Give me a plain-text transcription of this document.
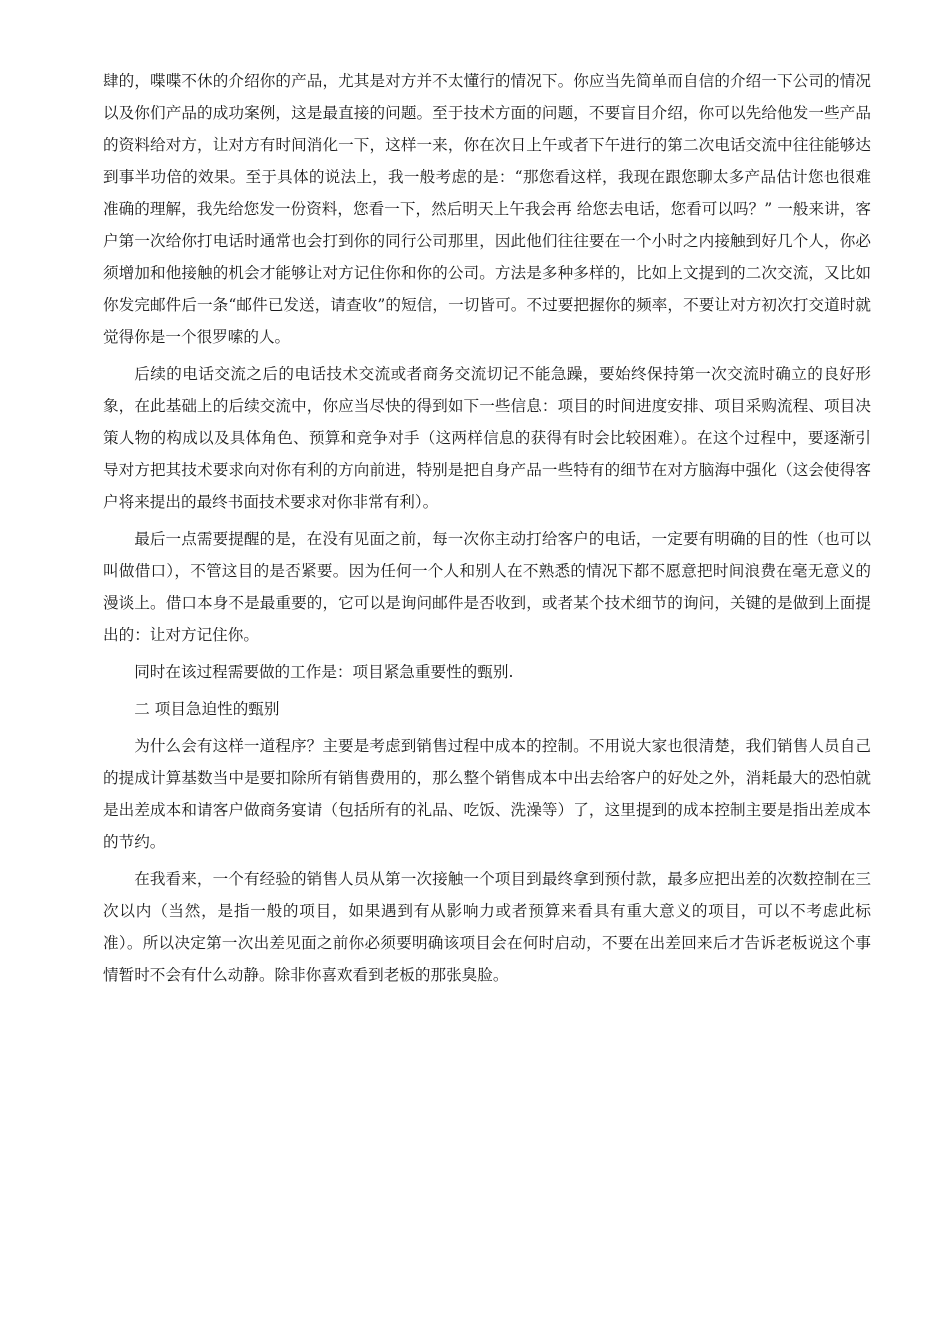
肆的，喋喋不休的介绍你的产品，尤其是对方并不太懂行的情况下。你应当先简单而自信的介绍一下公司的情况以及你们产品的成功案例，这是最直接的问题。至于技术方面的问题，不要盲目介绍，你可以先给他发一些产品的资料给对方，让对方有时间消化一下，这样一来，你在次日上午或者下午进行的第二次电话交流中往往能够达到事半功倍的效果。至于具体的说法上，我一般考虑的是：“那您看这样，我现在跟您聊太多产品估计您也很难准确的理解，我先给您发一份资料，您看一下，然后明天上午我会再 给您去电话，您看可以吗？” 一般来讲，客户第一次给你打电话时通常也会打到你的同行公司那里，因此他们往往要在一个小时之内接触到好几个人，你必须增加和他接触的机会才能够让对方记住你和你的公司。方法是多种多样的，比如上文提到的二次交流，又比如你发完邮件后一条“邮件已发送，请查收”的短信，一切皆可。不过要把握你的频率，不要让对方初次打交道时就觉得你是一个很罗嗦的人。

后续的电话交流之后的电话技术交流或者商务交流切记不能急躁，要始终保持第一次交流时确立的良好形象，在此基础上的后续交流中，你应当尽快的得到如下一些信息：项目的时间进度安排、项目采购流程、项目决策人物的构成以及具体角色、预算和竞争对手（这两样信息的获得有时会比较困难）。在这个过程中，要逐渐引导对方把其技术要求向对你有利的方向前进，特别是把自身产品一些特有的细节在对方脑海中强化（这会使得客户将来提出的最终书面技术要求对你非常有利）。

最后一点需要提醒的是，在没有见面之前，每一次你主动打给客户的电话，一定要有明确的目的性（也可以叫做借口），不管这目的是否紧要。因为任何一个人和别人在不熟悉的情况下都不愿意把时间浪费在毫无意义的漫谈上。借口本身不是最重要的，它可以是询问邮件是否收到，或者某个技术细节的询问，关键的是做到上面提出的：让对方记住你。

同时在该过程需要做的工作是：项目紧急重要性的甄别.

二 项目急迫性的甄别

为什么会有这样一道程序？主要是考虑到销售过程中成本的控制。不用说大家也很清楚，我们销售人员自己的提成计算基数当中是要扣除所有销售费用的，那么整个销售成本中出去给客户的好处之外，消耗最大的恐怕就是出差成本和请客户做商务宴请（包括所有的礼品、吃饭、洗澡等）了，这里提到的成本控制主要是指出差成本的节约。

在我看来，一个有经验的销售人员从第一次接触一个项目到最终拿到预付款，最多应把出差的次数控制在三次以内（当然，是指一般的项目，如果遇到有从影响力或者预算来看具有重大意义的项目，可以不考虑此标准）。所以决定第一次出差见面之前你必须要明确该项目会在何时启动，不要在出差回来后才告诉老板说这个事情暂时不会有什么动静。除非你喜欢看到老板的那张臭脸。
